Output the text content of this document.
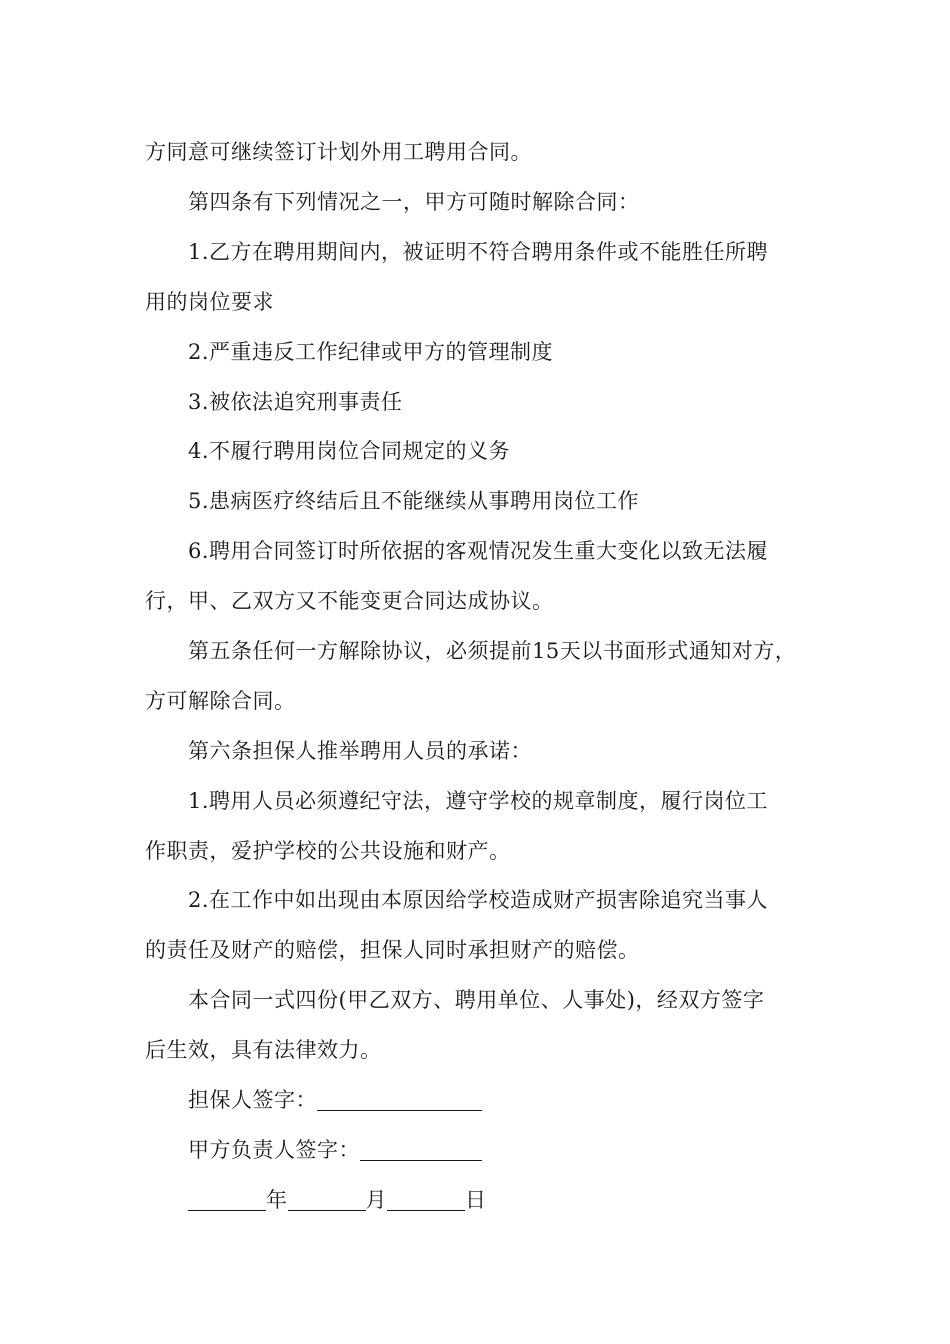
方同意可继续签订计划外用工聘用合同。
第四条有下列情况之一，甲方可随时解除合同：
1.乙方在聘用期间内，被证明不符合聘用条件或不能胜任所聘
用的岗位要求
2.严重违反工作纪律或甲方的管理制度
3.被依法追究刑事责任
4.不履行聘用岗位合同规定的义务
5.患病医疗终结后且不能继续从事聘用岗位工作
6.聘用合同签订时所依据的客观情况发生重大变化以致无法履
行，甲、乙双方又不能变更合同达成协议。
第五条任何一方解除协议，必须提前15天以书面形式通知对方，
方可解除合同。
第六条担保人推举聘用人员的承诺：
1.聘用人员必须遵纪守法，遵守学校的规章制度，履行岗位工
作职责，爱护学校的公共设施和财产。
2.在工作中如出现由本原因给学校造成财产损害除追究当事人
的责任及财产的赔偿，担保人同时承担财产的赔偿。
本合同一式四份(甲乙双方、聘用单位、人事处)，经双方签字
后生效，具有法律效力。
担保人签字：
甲方负责人签字：
年	月	日
